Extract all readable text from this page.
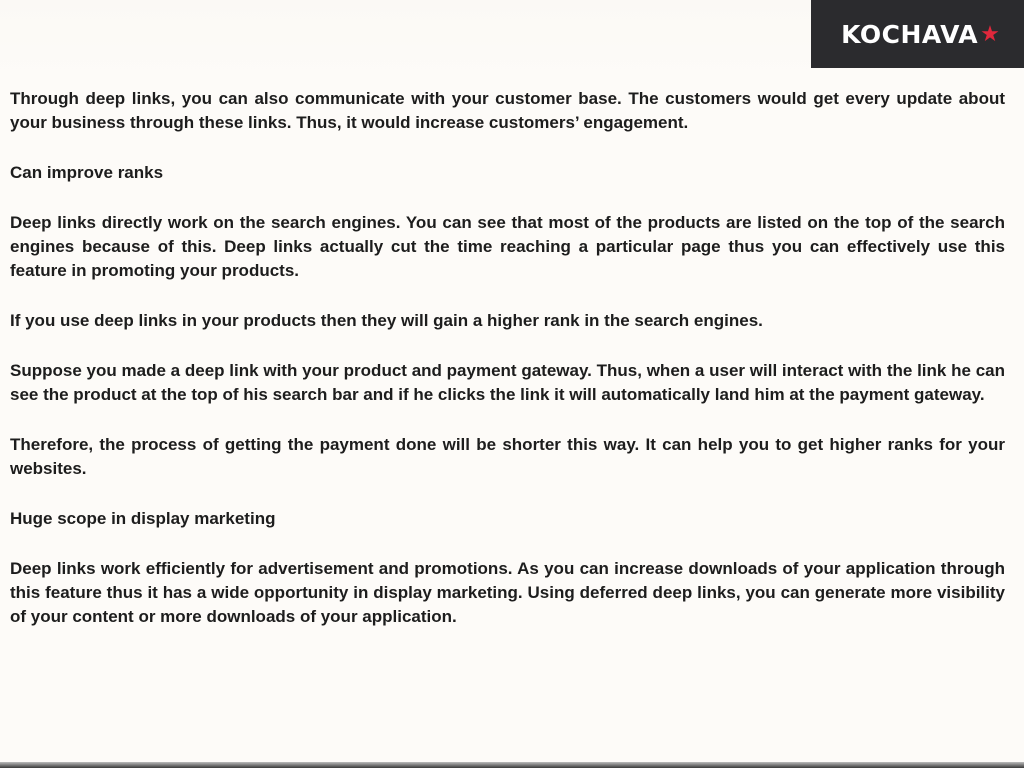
KOCHAVA ★

Through deep links, you can also communicate with your customer base. The customers would get every update about your business through these links. Thus, it would increase customers’ engagement.

Can improve ranks

Deep links directly work on the search engines. You can see that most of the products are listed on the top of the search engines because of this. Deep links actually cut the time reaching a particular page thus you can effectively use this feature in promoting your products.

If you use deep links in your products then they will gain a higher rank in the search engines.

Suppose you made a deep link with your product and payment gateway. Thus, when a user will interact with the link he can see the product at the top of his search bar and if he clicks the link it will automatically land him at the payment gateway.

Therefore, the process of getting the payment done will be shorter this way. It can help you to get higher ranks for your websites.

Huge scope in display marketing

Deep links work efficiently for advertisement and promotions. As you can increase downloads of your application through this feature thus it has a wide opportunity in display marketing. Using deferred deep links, you can generate more visibility of your content or more downloads of your application.
